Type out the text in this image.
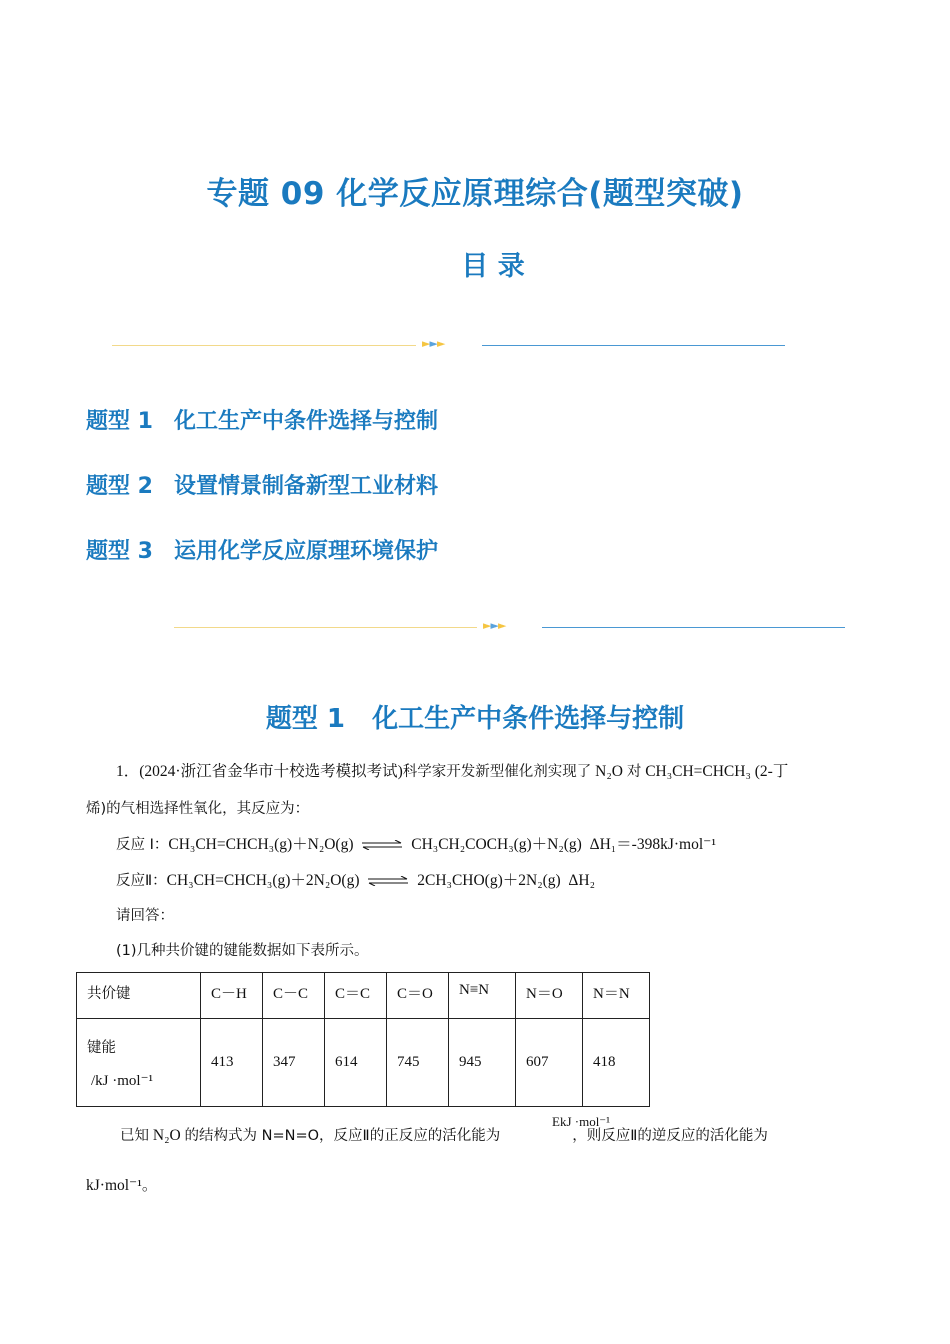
专题 09 化学反应原理综合(题型突破)
目 录
►►►
题型 1 化工生产中条件选择与控制
题型 2 设置情景制备新型工业材料
题型 3 运用化学反应原理环境保护
►►►
题型 1 化工生产中条件选择与控制
1．(2024·浙江省金华市十校选考模拟考试)科学家开发新型催化剂实现了 N₂O 对 CH₃CH=CHCH₃ (2-丁
烯)的气相选择性氧化，其反应为：
反应 I：CH₃CH=CHCH₃(g)＋N₂O(g) ⇌ CH₃CH₂COCH₃(g)＋N₂(g) ΔH₁＝-398kJ·mol⁻¹
反应Ⅱ：CH₃CH=CHCH₃(g)＋2N₂O(g) ⇌ 2CH₃CHO(g)＋2N₂(g) ΔH₂
请回答：
(1)几种共价键的键能数据如下表所示。
共价键	C－H	C－C	C＝C	C＝O	N≡N	N＝O	N＝N

键能
/kJ ·mol⁻¹	413	347	614	745	945	607	418
EkJ ·mol⁻¹
已知 N₂O 的结构式为 N=N=O，反应Ⅱ的正反应的活化能为	，则反应Ⅱ的逆反应的活化能为
kJ·mol⁻¹。
